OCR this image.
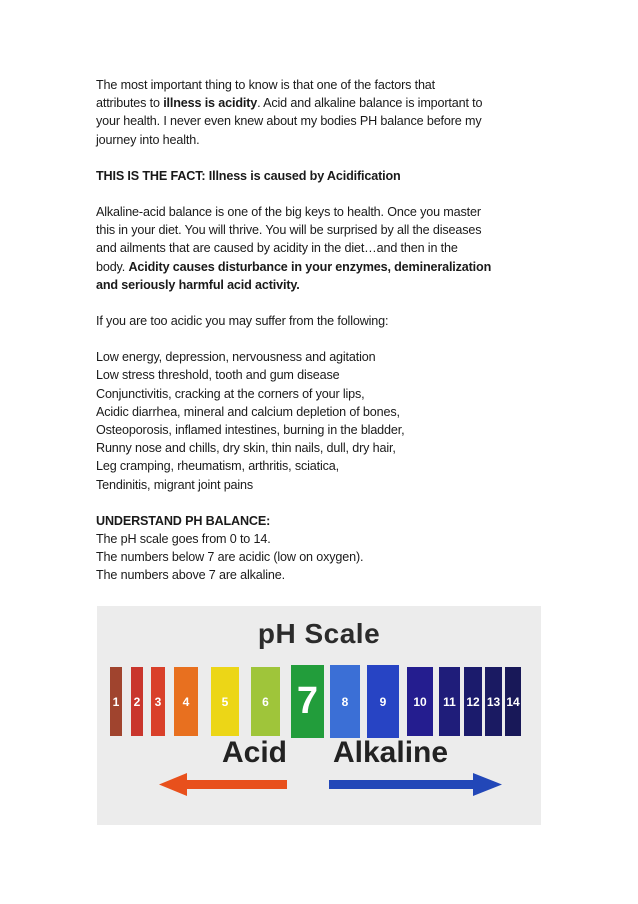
The most important thing to know is that one of the factors that
attributes to illness is acidity. Acid and alkaline balance is important to
your health. I never even knew about my bodies PH balance before my
journey into health.

THIS IS THE FACT: Illness is caused by Acidification

Alkaline-acid balance is one of the big keys to health. Once you master
this in your diet. You will thrive. You will be surprised by all the diseases
and ailments that are caused by acidity in the diet…and then in the
body. Acidity causes disturbance in your enzymes, demineralization
and seriously harmful acid activity.

If you are too acidic you may suffer from the following:

Low energy, depression, nervousness and agitation
Low stress threshold, tooth and gum disease
Conjunctivitis, cracking at the corners of your lips,
Acidic diarrhea, mineral and calcium depletion of bones,
Osteoporosis, inflamed intestines, burning in the bladder,
Runny nose and chills, dry skin, thin nails, dull, dry hair,
Leg cramping, rheumatism, arthritis, sciatica,
Tendinitis, migrant joint pains

UNDERSTAND PH BALANCE:

The pH scale goes from 0 to 14.
The numbers below 7 are acidic (low on oxygen).
The numbers above 7 are alkaline.

pH Scale
1 2	3	4	5	6 7	8	9	10	11 12 13 14
Acid Alkaline
